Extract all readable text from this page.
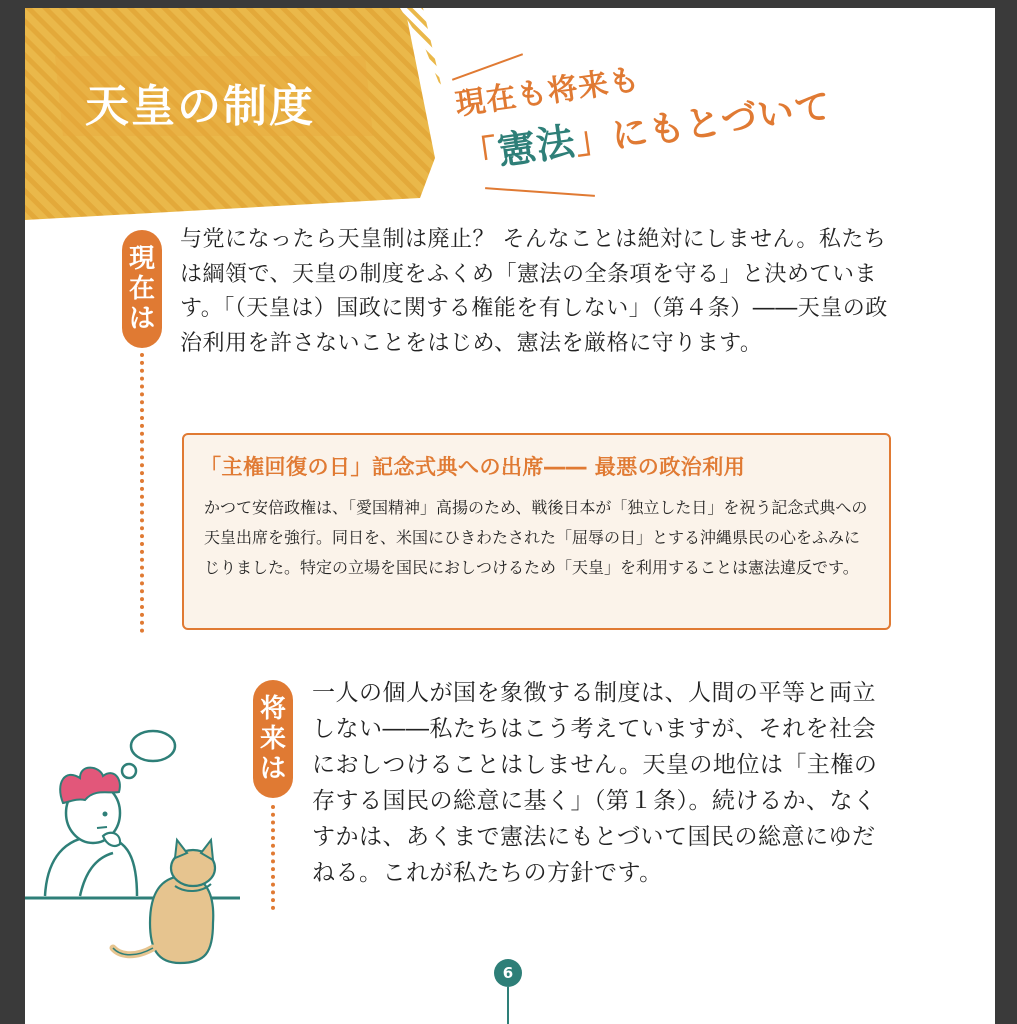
天皇の制度	現在も将来も
「憲法」にもとづいて
現
在
は
与党になったら天皇制は廃止？ そんなことは絶対にしません。私たちは綱領で、天皇の制度をふくめ「憲法の全条項を守る」と決めています。「（天皇は）国政に関する権能を有しない」（第４条）――天皇の政治利用を許さないことをはじめ、憲法を厳格に守ります。
「主権回復の日」記念式典への出席―― 最悪の政治利用
かつて安倍政権は、「愛国精神」高揚のため、戦後日本が「独立した日」を祝う記念式典への天皇出席を強行。同日を、米国にひきわたされた「屈辱の日」とする沖縄県民の心をふみにじりました。特定の立場を国民におしつけるため「天皇」を利用することは憲法違反です。
将
来
は
一人の個人が国を象徴する制度は、人間の平等と両立しない――私たちはこう考えていますが、それを社会におしつけることはしません。天皇の地位は「主権の存する国民の総意に基く」（第１条）。続けるか、なくすかは、あくまで憲法にもとづいて国民の総意にゆだねる。これが私たちの方針です。
6
